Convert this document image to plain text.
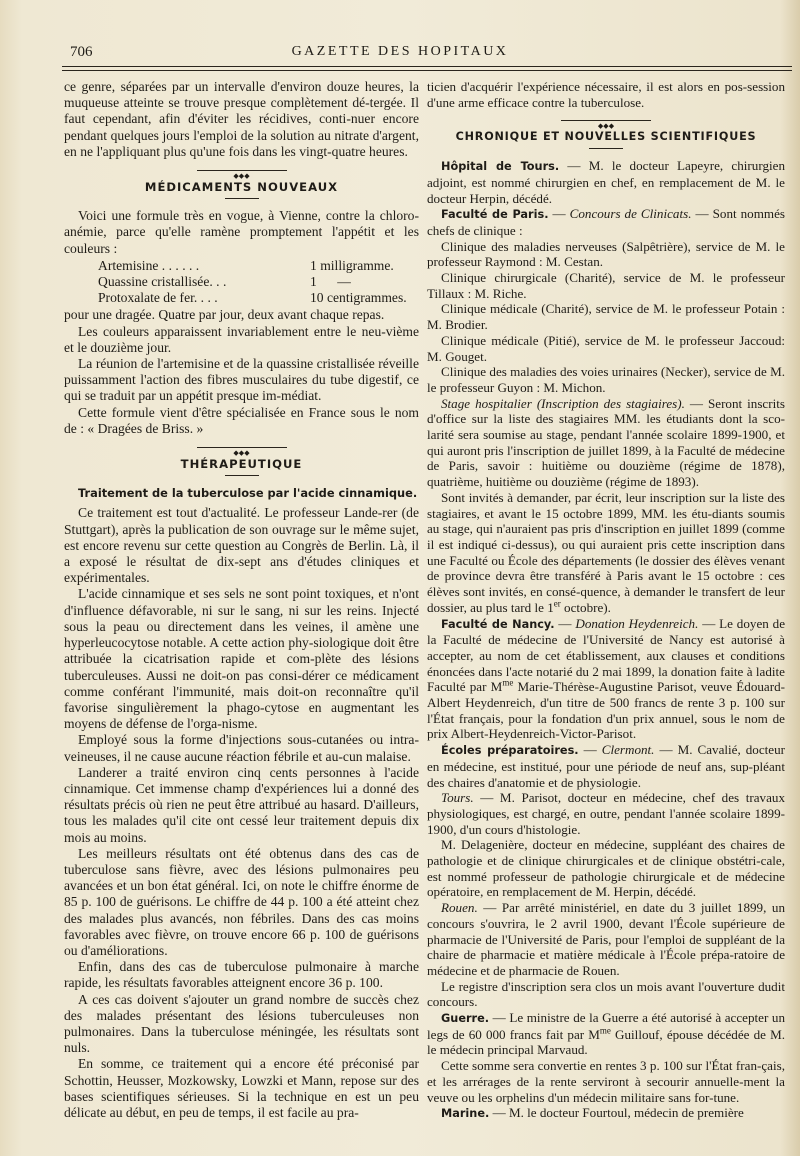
706	GAZETTE DES HOPITAUX

ce genre, séparées par un intervalle d'environ douze heures, la muqueuse atteinte se trouve presque complètement dé-tergée. Il faut cependant, afin d'éviter les récidives, conti-nuer encore pendant quelques jours l'emploi de la solution au nitrate d'argent, en ne l'appliquant plus qu'une fois dans les vingt-quatre heures.

◆◆◆
MÉDICAMENTS NOUVEAUX

Voici une formule très en vogue, à Vienne, contre la chloro-anémie, parce qu'elle ramène promptement l'appétit et les couleurs :

Artemisine . . . . . .	1 milligramme.
Quassine cristallisée. . .	1      —
Protoxalate de fer. . . .	10 centigrammes.

pour une dragée. Quatre par jour, deux avant chaque repas.

Les couleurs apparaissent invariablement entre le neu-vième et le douzième jour.

La réunion de l'artemisine et de la quassine cristallisée réveille puissamment l'action des fibres musculaires du tube digestif, ce qui se traduit par un appétit presque im-médiat.

Cette formule vient d'être spécialisée en France sous le nom de : « Dragées de Briss. »

◆◆◆
THÉRAPEUTIQUE
Traitement de la tuberculose par l'acide cinnamique.

Ce traitement est tout d'actualité. Le professeur Lande-rer (de Stuttgart), après la publication de son ouvrage sur le même sujet, est encore revenu sur cette question au Congrès de Berlin. Là, il a exposé le résultat de dix-sept ans d'études cliniques et expérimentales.

L'acide cinnamique et ses sels ne sont point toxiques, et n'ont d'influence défavorable, ni sur le sang, ni sur les reins. Injecté sous la peau ou directement dans les veines, il amène une hyperleucocytose notable. A cette action phy-siologique doit être attribuée la cicatrisation rapide et com-plète des lésions tuberculeuses. Aussi ne doit-on pas consi-dérer ce médicament comme conférant l'immunité, mais doit-on reconnaître qu'il favorise singulièrement la phago-cytose en augmentant les moyens de défense de l'orga-nisme.

Employé sous la forme d'injections sous-cutanées ou intra-veineuses, il ne cause aucune réaction fébrile et au-cun malaise.

Landerer a traité environ cinq cents personnes à l'acide cinnamique. Cet immense champ d'expériences lui a donné des résultats précis où rien ne peut être attribué au hasard. D'ailleurs, tous les malades qu'il cite ont cessé leur traitement depuis dix mois au moins.

Les meilleurs résultats ont été obtenus dans des cas de tuberculose sans fièvre, avec des lésions pulmonaires peu avancées et un bon état général. Ici, on note le chiffre énorme de 85 p. 100 de guérisons. Le chiffre de 44 p. 100 a été atteint chez des malades plus avancés, non fébriles. Dans des cas moins favorables avec fièvre, on trouve encore 66 p. 100 de guérisons ou d'améliorations.

Enfin, dans des cas de tuberculose pulmonaire à marche rapide, les résultats favorables atteignent encore 36 p. 100.

A ces cas doivent s'ajouter un grand nombre de succès chez des malades présentant des lésions tuberculeuses non pulmonaires. Dans la tuberculose méningée, les résultats sont nuls.

En somme, ce traitement qui a encore été préconisé par Schottin, Heusser, Mozkowsky, Lowzki et Mann, repose sur des bases scientifiques sérieuses. Si la technique en est un peu délicate au début, en peu de temps, il est facile au pra-

ticien d'acquérir l'expérience nécessaire, il est alors en pos-session d'une arme efficace contre la tuberculose.

◆◆◆
CHRONIQUE ET NOUVELLES SCIENTIFIQUES

Hôpital de Tours. — M. le docteur Lapeyre, chirurgien adjoint, est nommé chirurgien en chef, en remplacement de M. le docteur Herpin, décédé.

Faculté de Paris. — Concours de Clinicats. — Sont nommés chefs de clinique :

Clinique des maladies nerveuses (Salpêtrière), service de M. le professeur Raymond : M. Cestan.

Clinique chirurgicale (Charité), service de M. le professeur Tillaux : M. Riche.

Clinique médicale (Charité), service de M. le professeur Potain : M. Brodier.

Clinique médicale (Pitié), service de M. le professeur Jaccoud: M. Gouget.

Clinique des maladies des voies urinaires (Necker), service de M. le professeur Guyon : M. Michon.

Stage hospitalier (Inscription des stagiaires). — Seront inscrits d'office sur la liste des stagiaires MM. les étudiants dont la sco-larité sera soumise au stage, pendant l'année scolaire 1899-1900, et qui auront pris l'inscription de juillet 1899, à la Faculté de médecine de Paris, savoir : huitième ou douzième (régime de 1878), quatrième, huitième ou douzième (régime de 1893).

Sont invités à demander, par écrit, leur inscription sur la liste des stagiaires, et avant le 15 octobre 1899, MM. les étu-diants soumis au stage, qui n'auraient pas pris d'inscription en juillet 1899 (comme il est indiqué ci-dessus), ou qui auraient pris cette inscription dans une Faculté ou École des départements (le dossier des élèves venant de province devra être transféré à Paris avant le 15 octobre : ces élèves sont invités, en consé-quence, à demander le transfert de leur dossier, au plus tard le 1er octobre).

Faculté de Nancy. — Donation Heydenreich. — Le doyen de la Faculté de médecine de l'Université de Nancy est autorisé à accepter, au nom de cet établissement, aux clauses et conditions énoncées dans l'acte notarié du 2 mai 1899, la donation faite à ladite Faculté par $M^{me}$ Marie-Thérèse-Augustine Parisot, veuve Édouard-Albert Heydenreich, d'un titre de 500 francs de rente 3 p. 100 sur l'État français, pour la fondation d'un prix annuel, sous le nom de prix Albert-Heydenreich-Victor-Parisot.

Écoles préparatoires. — Clermont. — M. Cavalié, docteur en médecine, est institué, pour une période de neuf ans, sup-pléant des chaires d'anatomie et de physiologie.

Tours. — M. Parisot, docteur en médecine, chef des travaux physiologiques, est chargé, en outre, pendant l'année scolaire 1899-1900, d'un cours d'histologie.

M. Delagenière, docteur en médecine, suppléant des chaires de pathologie et de clinique chirurgicales et de clinique obstétri-cale, est nommé professeur de pathologie chirurgicale et de médecine opératoire, en remplacement de M. Herpin, décédé.

Rouen. — Par arrêté ministériel, en date du 3 juillet 1899, un concours s'ouvrira, le 2 avril 1900, devant l'École supérieure de pharmacie de l'Université de Paris, pour l'emploi de suppléant de la chaire de pharmacie et matière médicale à l'École prépa-ratoire de médecine et de pharmacie de Rouen.

Le registre d'inscription sera clos un mois avant l'ouverture dudit concours.

Guerre. — Le ministre de la Guerre a été autorisé à accepter un legs de 60 000 francs fait par $M^{me}$ Guillouf, épouse décédée de M. le médecin principal Marvaud.

Cette somme sera convertie en rentes 3 p. 100 sur l'État fran-çais, et les arrérages de la rente serviront à secourir annuelle-ment la veuve ou les orphelins d'un médecin militaire sans for-tune.

Marine. — M. le docteur Fourtoul, médecin de première
